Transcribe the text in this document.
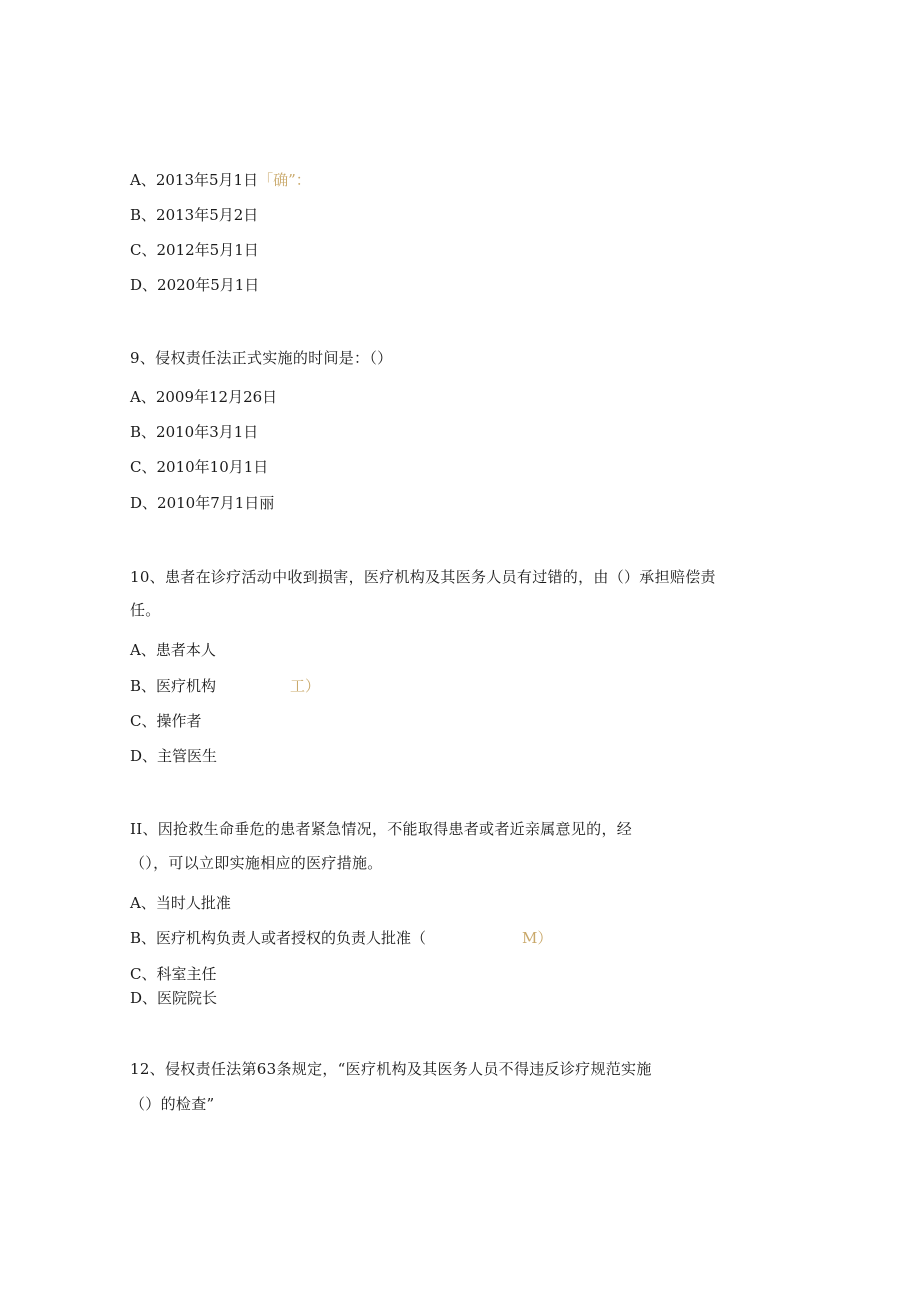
A、2013年5月1日「确”：
B、2013年5月2日
C、2012年5月1日
D、2020年5月1日
9、侵权责任法正式实施的时间是：（）
A、2009年12月26日
B、2010年3月1日
C、2010年10月1日
D、2010年7月1日丽
10、患者在诊疗活动中收到损害，医疗机构及其医务人员有过错的，由（）承担赔偿责
任。
A、患者本人
B、医疗机构	工）
C、操作者
D、主管医生
II、因抢救生命垂危的患者紧急情况，不能取得患者或者近亲属意见的，经
（），可以立即实施相应的医疗措施。
A、当时人批准
B、医疗机构负责人或者授权的负责人批准（	M）
C、科室主任
D、医院院长
12、侵权责任法第63条规定，“医疗机构及其医务人员不得违反诊疗规范实施
（）的检查”
